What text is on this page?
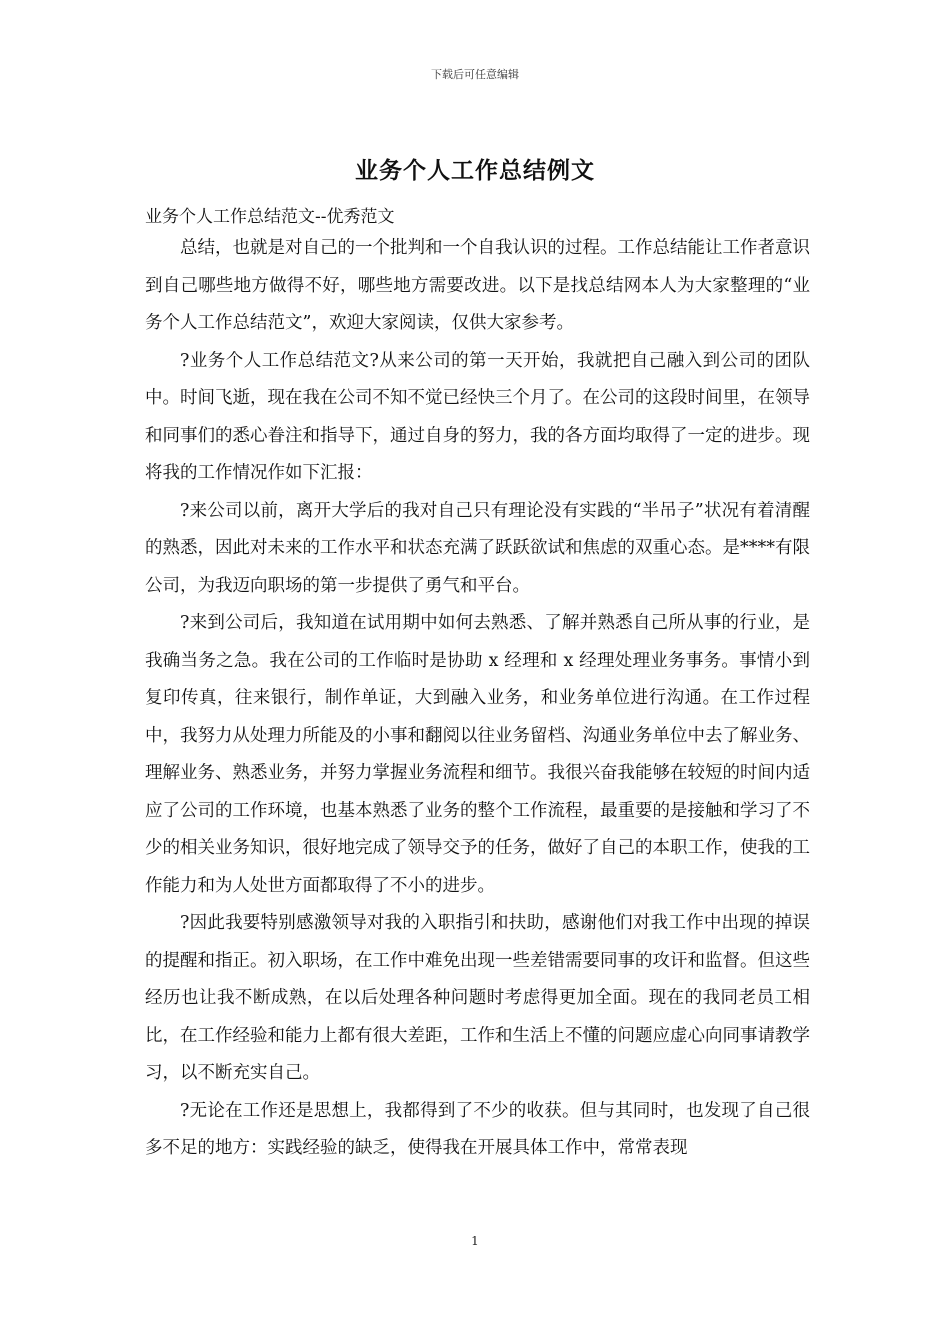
下载后可任意编辑
业务个人工作总结例文
业务个人工作总结范文--优秀范文

总结，也就是对自己的一个批判和一个自我认识的过程。工作总结能让工作者意识到自己哪些地方做得不好，哪些地方需要改进。以下是找总结网本人为大家整理的“业务个人工作总结范文”，欢迎大家阅读，仅供大家参考。

?业务个人工作总结范文?从来公司的第一天开始，我就把自己融入到公司的团队中。时间飞逝，现在我在公司不知不觉已经快三个月了。在公司的这段时间里，在领导和同事们的悉心眷注和指导下，通过自身的努力，我的各方面均取得了一定的进步。现将我的工作情况作如下汇报：

?来公司以前，离开大学后的我对自己只有理论没有实践的“半吊子”状况有着清醒的熟悉，因此对未来的工作水平和状态充满了跃跃欲试和焦虑的双重心态。是****有限公司，为我迈向职场的第一步提供了勇气和平台。

?来到公司后，我知道在试用期中如何去熟悉、了解并熟悉自己所从事的行业，是我确当务之急。我在公司的工作临时是协助 x 经理和 x 经理处理业务事务。事情小到复印传真，往来银行，制作单证，大到融入业务，和业务单位进行沟通。在工作过程中，我努力从处理力所能及的小事和翻阅以往业务留档、沟通业务单位中去了解业务、理解业务、熟悉业务，并努力掌握业务流程和细节。我很兴奋我能够在较短的时间内适应了公司的工作环境，也基本熟悉了业务的整个工作流程，最重要的是接触和学习了不少的相关业务知识，很好地完成了领导交予的任务，做好了自己的本职工作，使我的工作能力和为人处世方面都取得了不小的进步。

?因此我要特别感激领导对我的入职指引和扶助，感谢他们对我工作中出现的掉误的提醒和指正。初入职场，在工作中难免出现一些差错需要同事的攻讦和监督。但这些经历也让我不断成熟，在以后处理各种问题时考虑得更加全面。现在的我同老员工相比，在工作经验和能力上都有很大差距，工作和生活上不懂的问题应虚心向同事请教学习，以不断充实自己。

?无论在工作还是思想上，我都得到了不少的收获。但与其同时，也发现了自己很多不足的地方：实践经验的缺乏，使得我在开展具体工作中，常常表现

1
